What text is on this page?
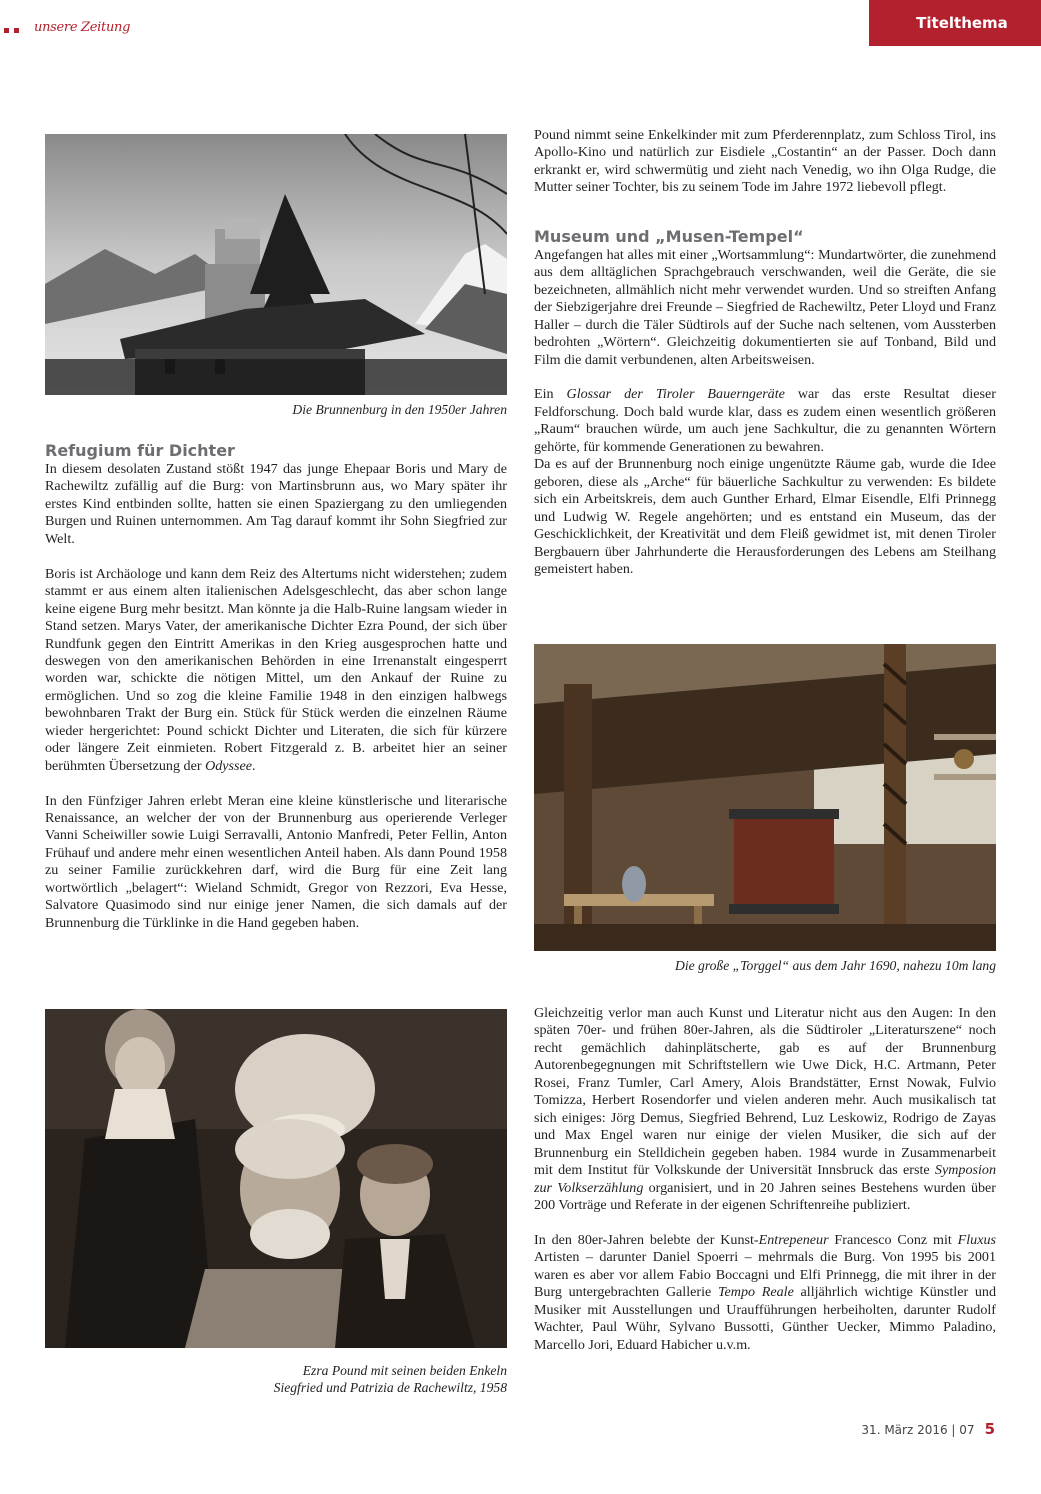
unsere Zeitung	Titelthema
Die Brunnenburg in den 1950er Jahren
Refugium für Dichter

In diesem desolaten Zustand stößt 1947 das junge Ehepaar Boris und Mary de Rachewiltz zufällig auf die Burg: von Martinsbrunn aus, wo Mary später ihr erstes Kind entbinden sollte, hatten sie einen Spaziergang zu den umliegenden Burgen und Ruinen unternommen. Am Tag darauf kommt ihr Sohn Siegfried zur Welt.

Boris ist Archäologe und kann dem Reiz des Altertums nicht widerstehen; zudem stammt er aus einem alten italienischen Adelsgeschlecht, das aber schon lange keine eigene Burg mehr besitzt. Man könnte ja die Halb-Ruine langsam wieder in Stand setzen. Marys Vater, der amerikanische Dichter Ezra Pound, der sich über Rundfunk gegen den Eintritt Amerikas in den Krieg ausgesprochen hatte und deswegen von den amerikanischen Behörden in eine Irrenanstalt eingesperrt worden war, schickte die nötigen Mittel, um den Ankauf der Ruine zu ermöglichen. Und so zog die kleine Familie 1948 in den einzigen halbwegs bewohnbaren Trakt der Burg ein. Stück für Stück werden die einzelnen Räume wieder hergerichtet: Pound schickt Dichter und Literaten, die sich für kürzere oder längere Zeit einmieten. Robert Fitzgerald z. B. arbeitet hier an seiner berühmten Übersetzung der Odyssee.

In den Fünfziger Jahren erlebt Meran eine kleine künstlerische und literarische Renaissance, an welcher der von der Brunnenburg aus operierende Verleger Vanni Scheiwiller sowie Luigi Serravalli, Antonio Manfredi, Peter Fellin, Anton Frühauf und andere mehr einen wesentlichen Anteil haben. Als dann Pound 1958 zu seiner Familie zurückkehren darf, wird die Burg für eine Zeit lang wortwörtlich „belagert“: Wieland Schmidt, Gregor von Rezzori, Eva Hesse, Salvatore Quasimodo sind nur einige jener Namen, die sich damals auf der Brunnenburg die Türklinke in die Hand gegeben haben.

Ezra Pound mit seinen beiden Enkeln
Siegfried und Patrizia de Rachewiltz, 1958

Pound nimmt seine Enkelkinder mit zum Pferderennplatz, zum Schloss Tirol, ins Apollo-Kino und natürlich zur Eisdiele „Costantin“ an der Passer. Doch dann erkrankt er, wird schwermütig und zieht nach Venedig, wo ihn Olga Rudge, die Mutter seiner Tochter, bis zu seinem Tode im Jahre 1972 liebevoll pflegt.

Museum und „Musen-Tempel“

Angefangen hat alles mit einer „Wortsammlung“: Mundartwörter, die zunehmend aus dem alltäglichen Sprachgebrauch verschwanden, weil die Geräte, die sie bezeichneten, allmählich nicht mehr verwendet wurden. Und so streiften Anfang der Siebzigerjahre drei Freunde – Siegfried de Rachewiltz, Peter Lloyd und Franz Haller – durch die Täler Südtirols auf der Suche nach seltenen, vom Aussterben bedrohten „Wörtern“. Gleichzeitig dokumentierten sie auf Tonband, Bild und Film die damit verbundenen, alten Arbeitsweisen.

Ein Glossar der Tiroler Bauerngeräte war das erste Resultat dieser Feldforschung. Doch bald wurde klar, dass es zudem einen wesentlich größeren „Raum“ brauchen würde, um auch jene Sachkultur, die zu genannten Wörtern gehörte, für kommende Generationen zu bewahren.

Da es auf der Brunnenburg noch einige ungenützte Räume gab, wurde die Idee geboren, diese als „Arche“ für bäuerliche Sachkultur zu verwenden: Es bildete sich ein Arbeitskreis, dem auch Gunther Erhard, Elmar Eisendle, Elfi Prinnegg und Ludwig W. Regele angehörten; und es entstand ein Museum, das der Geschicklichkeit, der Kreativität und dem Fleiß gewidmet ist, mit denen Tiroler Bergbauern über Jahrhunderte die Herausforderungen des Lebens am Steilhang gemeistert haben.

Die große „Torggel“ aus dem Jahr 1690, nahezu 10m lang

Gleichzeitig verlor man auch Kunst und Literatur nicht aus den Augen: In den späten 70er- und frühen 80er-Jahren, als die Südtiroler „Literaturszene“ noch recht gemächlich dahinplätscherte, gab es auf der Brunnenburg Autorenbegegnungen mit Schriftstellern wie Uwe Dick, H.C. Artmann, Peter Rosei, Franz Tumler, Carl Amery, Alois Brandstätter, Ernst Nowak, Fulvio Tomizza, Herbert Rosendorfer und vielen anderen mehr. Auch musikalisch tat sich einiges: Jörg Demus, Siegfried Behrend, Luz Leskowiz, Rodrigo de Zayas und Max Engel waren nur einige der vielen Musiker, die sich auf der Brunnenburg ein Stelldichein gegeben haben. 1984 wurde in Zusammenarbeit mit dem Institut für Volkskunde der Universität Innsbruck das erste Symposion zur Volkserzählung organisiert, und in 20 Jahren seines Bestehens wurden über 200 Vorträge und Referate in der eigenen Schriftenreihe publiziert.

In den 80er-Jahren belebte der Kunst-Entrepeneur Francesco Conz mit Fluxus Artisten – darunter Daniel Spoerri – mehrmals die Burg. Von 1995 bis 2001 waren es aber vor allem Fabio Boccagni und Elfi Prinnegg, die mit ihrer in der Burg untergebrachten Gallerie Tempo Reale alljährlich wichtige Künstler und Musiker mit Ausstellungen und Uraufführungen herbeiholten, darunter Rudolf Wachter, Paul Wühr, Sylvano Bussotti, Günther Uecker, Mimmo Paladino, Marcello Jori, Eduard Habicher u.v.m.

31. März 2016 | 07 5
